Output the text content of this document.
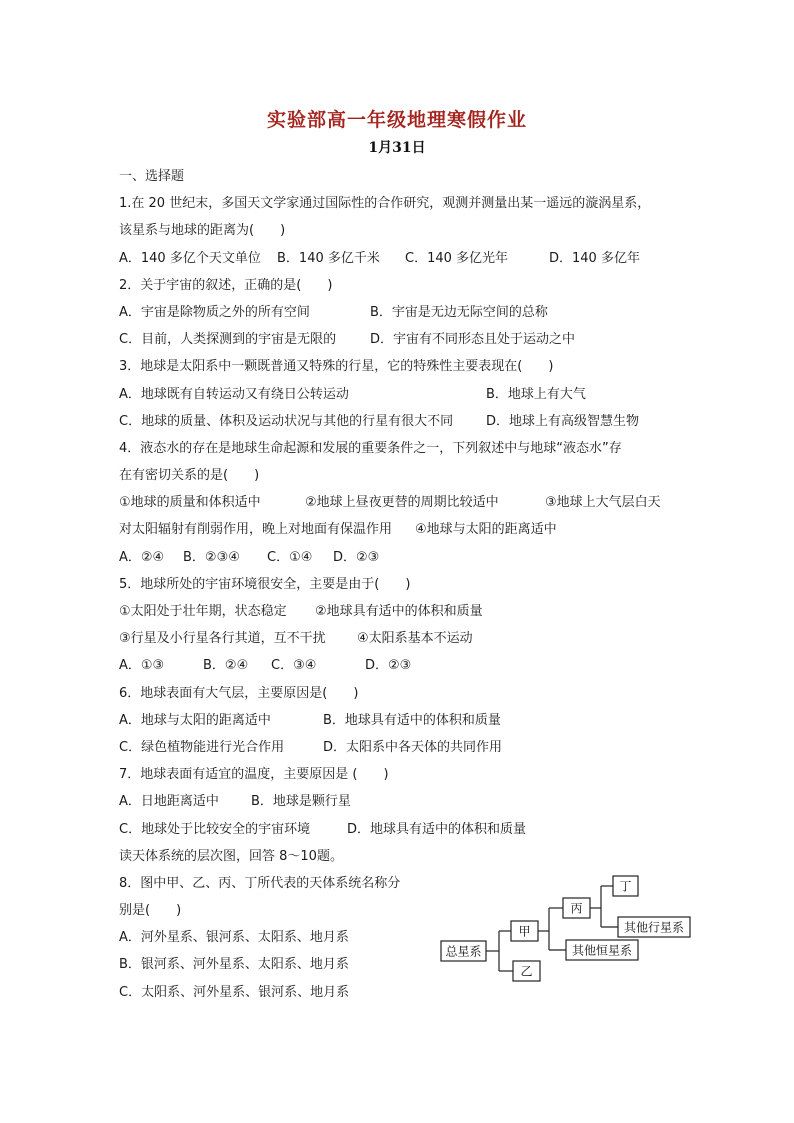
实验部高一年级地理寒假作业
1月31日
一、选择题
1.在 20 世纪末，多国天文学家通过国际性的合作研究，观测并测量出某一遥远的漩涡星系，
该星系与地球的距离为(　　)
A．140 多亿个天文单位 B．140 多亿千米 C．140 多亿光年	D．140 多亿年
2．关于宇宙的叙述，正确的是(　　)
A．宇宙是除物质之外的所有空间	B．宇宙是无边无际空间的总称
C．目前，人类探测到的宇宙是无限的	D．宇宙有不同形态且处于运动之中
3．地球是太阳系中一颗既普通又特殊的行星，它的特殊性主要表现在(　　)
A．地球既有自转运动又有绕日公转运动	B．地球上有大气
C．地球的质量、体积及运动状况与其他的行星有很大不同	D．地球上有高级智慧生物
4．液态水的存在是地球生命起源和发展的重要条件之一，下列叙述中与地球“液态水”存
在有密切关系的是(　　)
①地球的质量和体积适中	②地球上昼夜更替的周期比较适中	③地球上大气层白天
对太阳辐射有削弱作用，晚上对地面有保温作用 ④地球与太阳的距离适中
A．②④ B．②③④ C．①④ D．②③
5．地球所处的宇宙环境很安全，主要是由于(　　)
①太阳处于壮年期，状态稳定 ②地球具有适中的体积和质量
③行星及小行星各行其道，互不干扰 ④太阳系基本不运动
A．①③	B．②④ C．③④	D．②③
6．地球表面有大气层，主要原因是(　　)
A．地球与太阳的距离适中	B．地球具有适中的体积和质量
C．绿色植物能进行光合作用	D．太阳系中各天体的共同作用
7．地球表面有适宜的温度，主要原因是 (　　)
A．日地距离适中 B．地球是颗行星
C．地球处于比较安全的宇宙环境	D．地球具有适中的体积和质量
读天体系统的层次图，回答 8～10题。
8．图中甲、乙、丙、丁所代表的天体系统名称分
别是(　　)
A．河外星系、银河系、太阳系、地月系
B．银河系、河外星系、太阳系、地月系
C．太阳系、河外星系、银河系、地月系
总星系
甲
乙
丙
丁
其他恒星系
其他行星系
